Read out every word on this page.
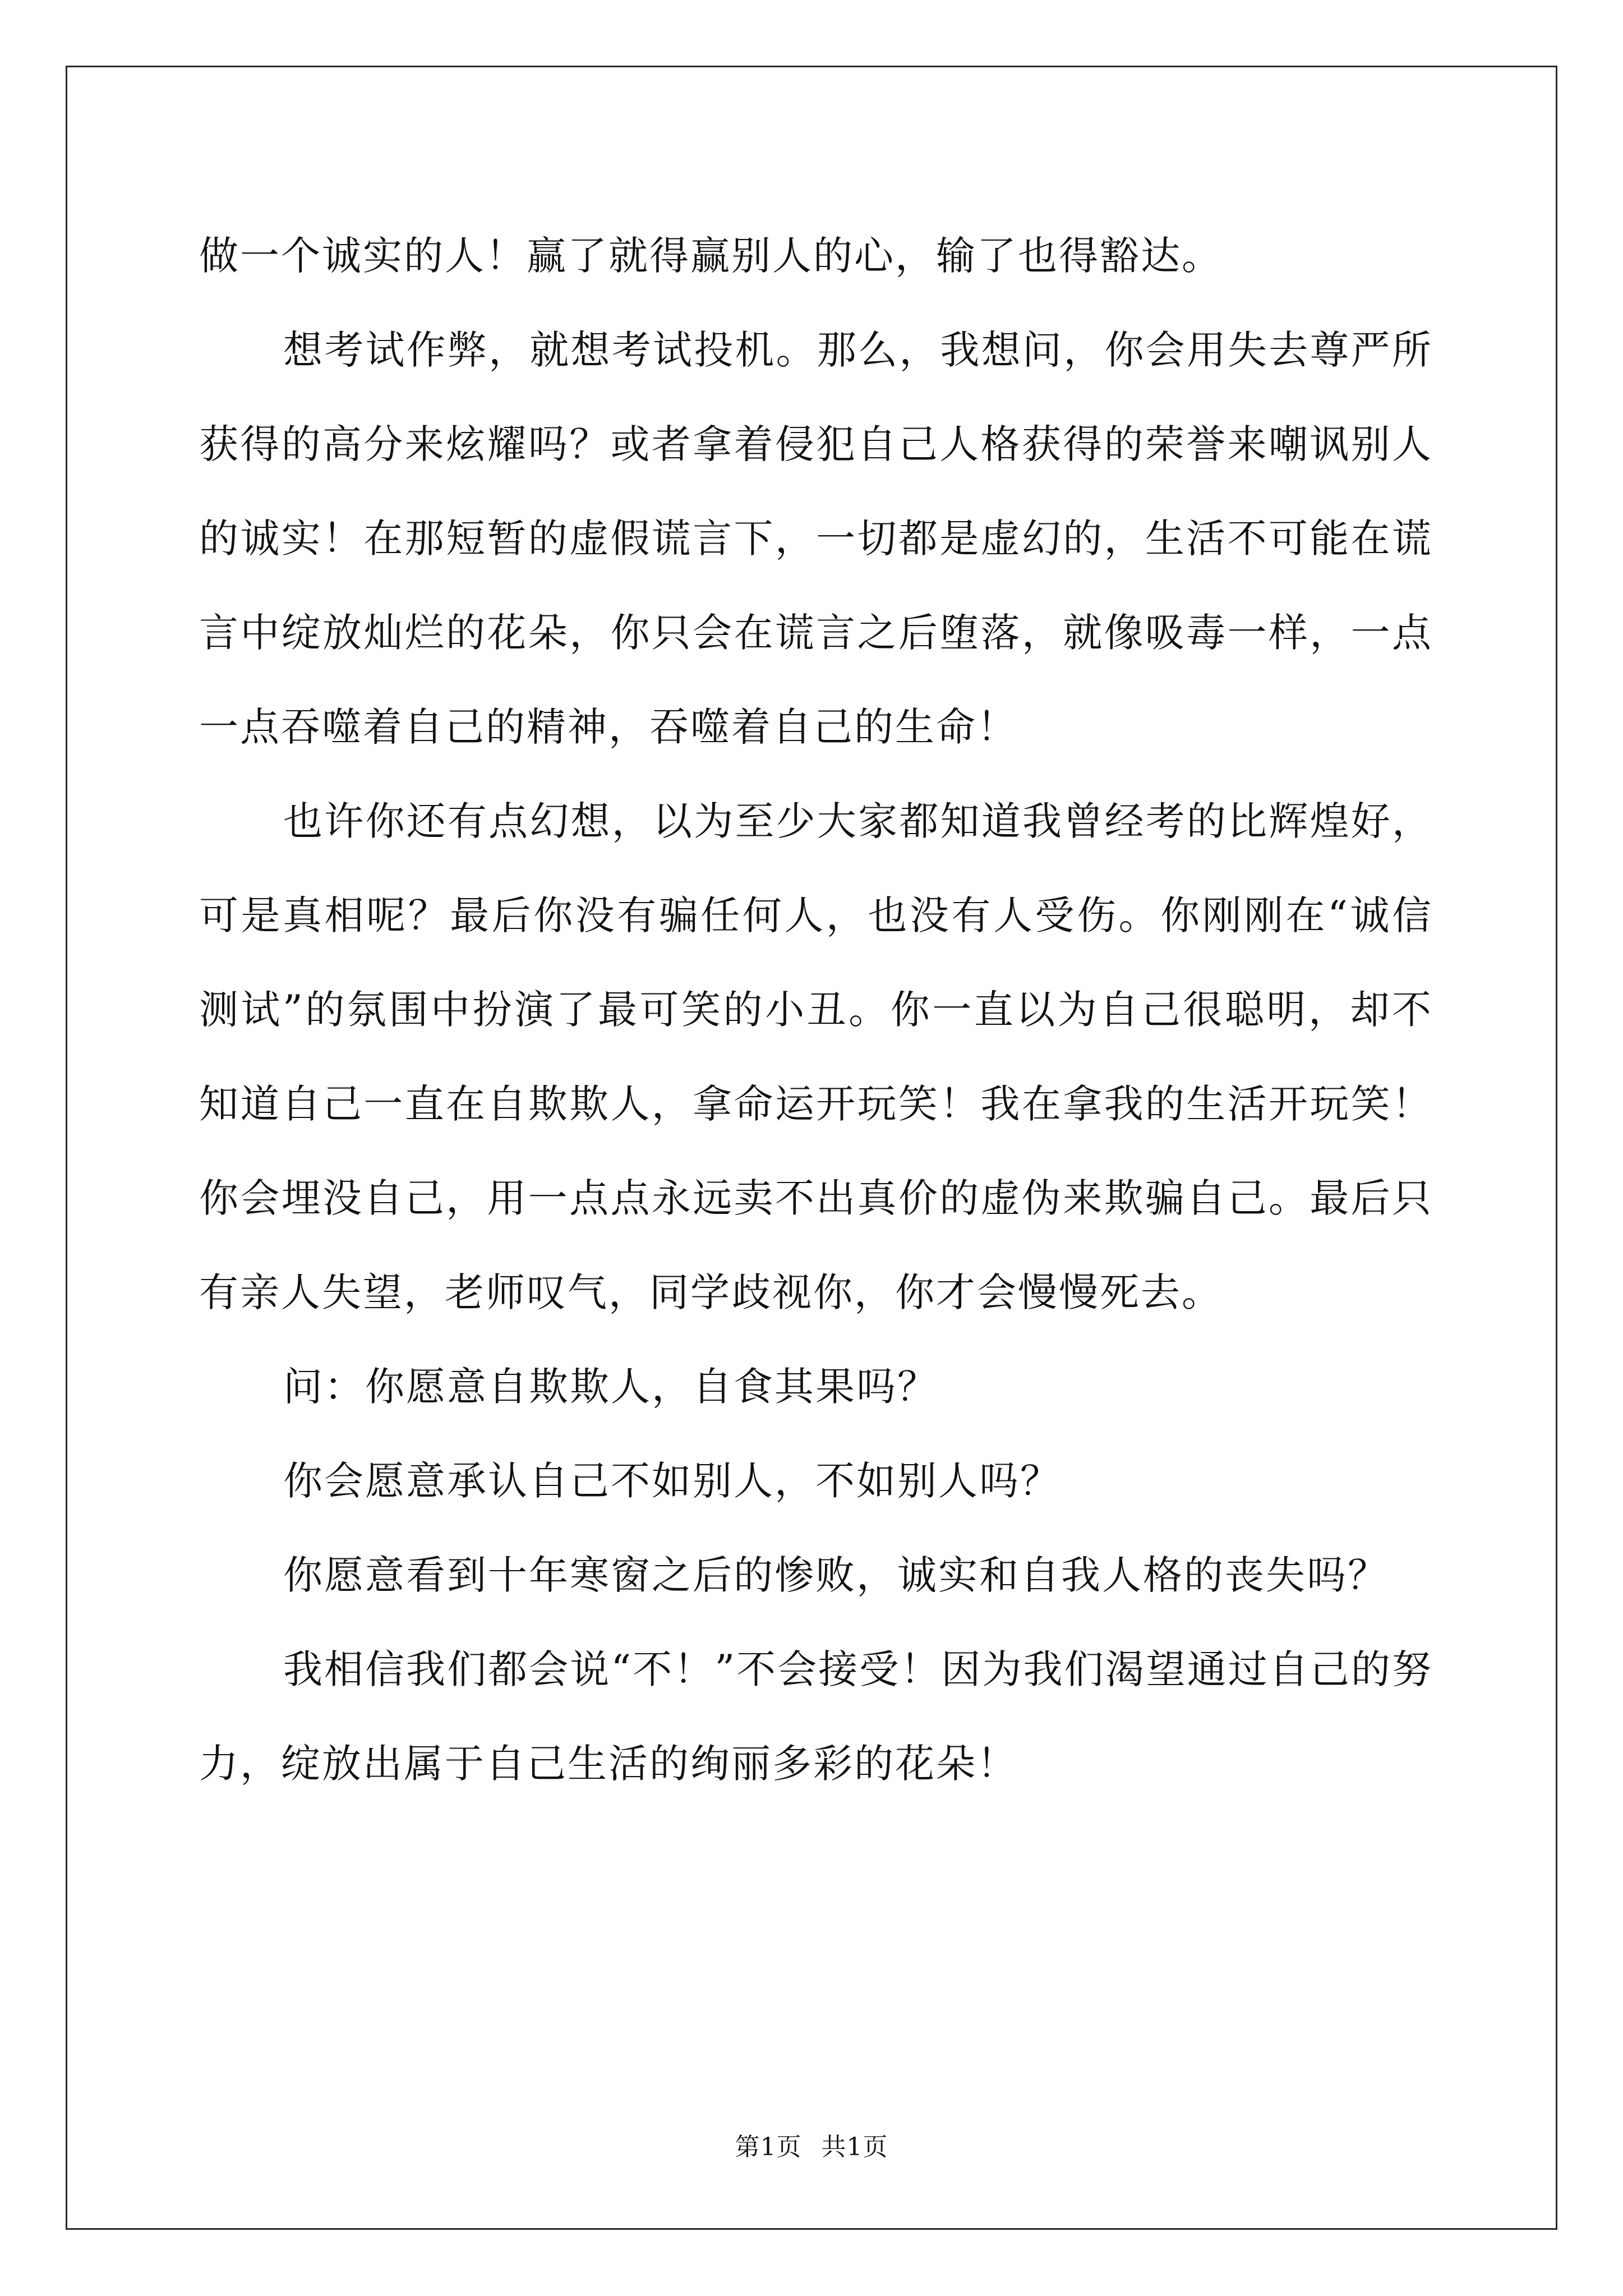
做一个诚实的人！赢了就得赢别人的心，输了也得豁达。

想考试作弊，就想考试投机。那么，我想问，你会用失去尊严所获得的高分来炫耀吗？或者拿着侵犯自己人格获得的荣誉来嘲讽别人的诚实！在那短暂的虚假谎言下，一切都是虚幻的，生活不可能在谎言中绽放灿烂的花朵，你只会在谎言之后堕落，就像吸毒一样，一点一点吞噬着自己的精神，吞噬着自己的生命！

也许你还有点幻想，以为至少大家都知道我曾经考的比辉煌好，可是真相呢？最后你没有骗任何人，也没有人受伤。你刚刚在“诚信测试”的氛围中扮演了最可笑的小丑。你一直以为自己很聪明，却不知道自己一直在自欺欺人，拿命运开玩笑！我在拿我的生活开玩笑！你会埋没自己，用一点点永远卖不出真价的虚伪来欺骗自己。最后只有亲人失望，老师叹气，同学歧视你，你才会慢慢死去。

问：你愿意自欺欺人，自食其果吗？

你会愿意承认自己不如别人，不如别人吗？

你愿意看到十年寒窗之后的惨败，诚实和自我人格的丧失吗？

我相信我们都会说“不！”不会接受！因为我们渴望通过自己的努力，绽放出属于自己生活的绚丽多彩的花朵！

第1页 共1页
